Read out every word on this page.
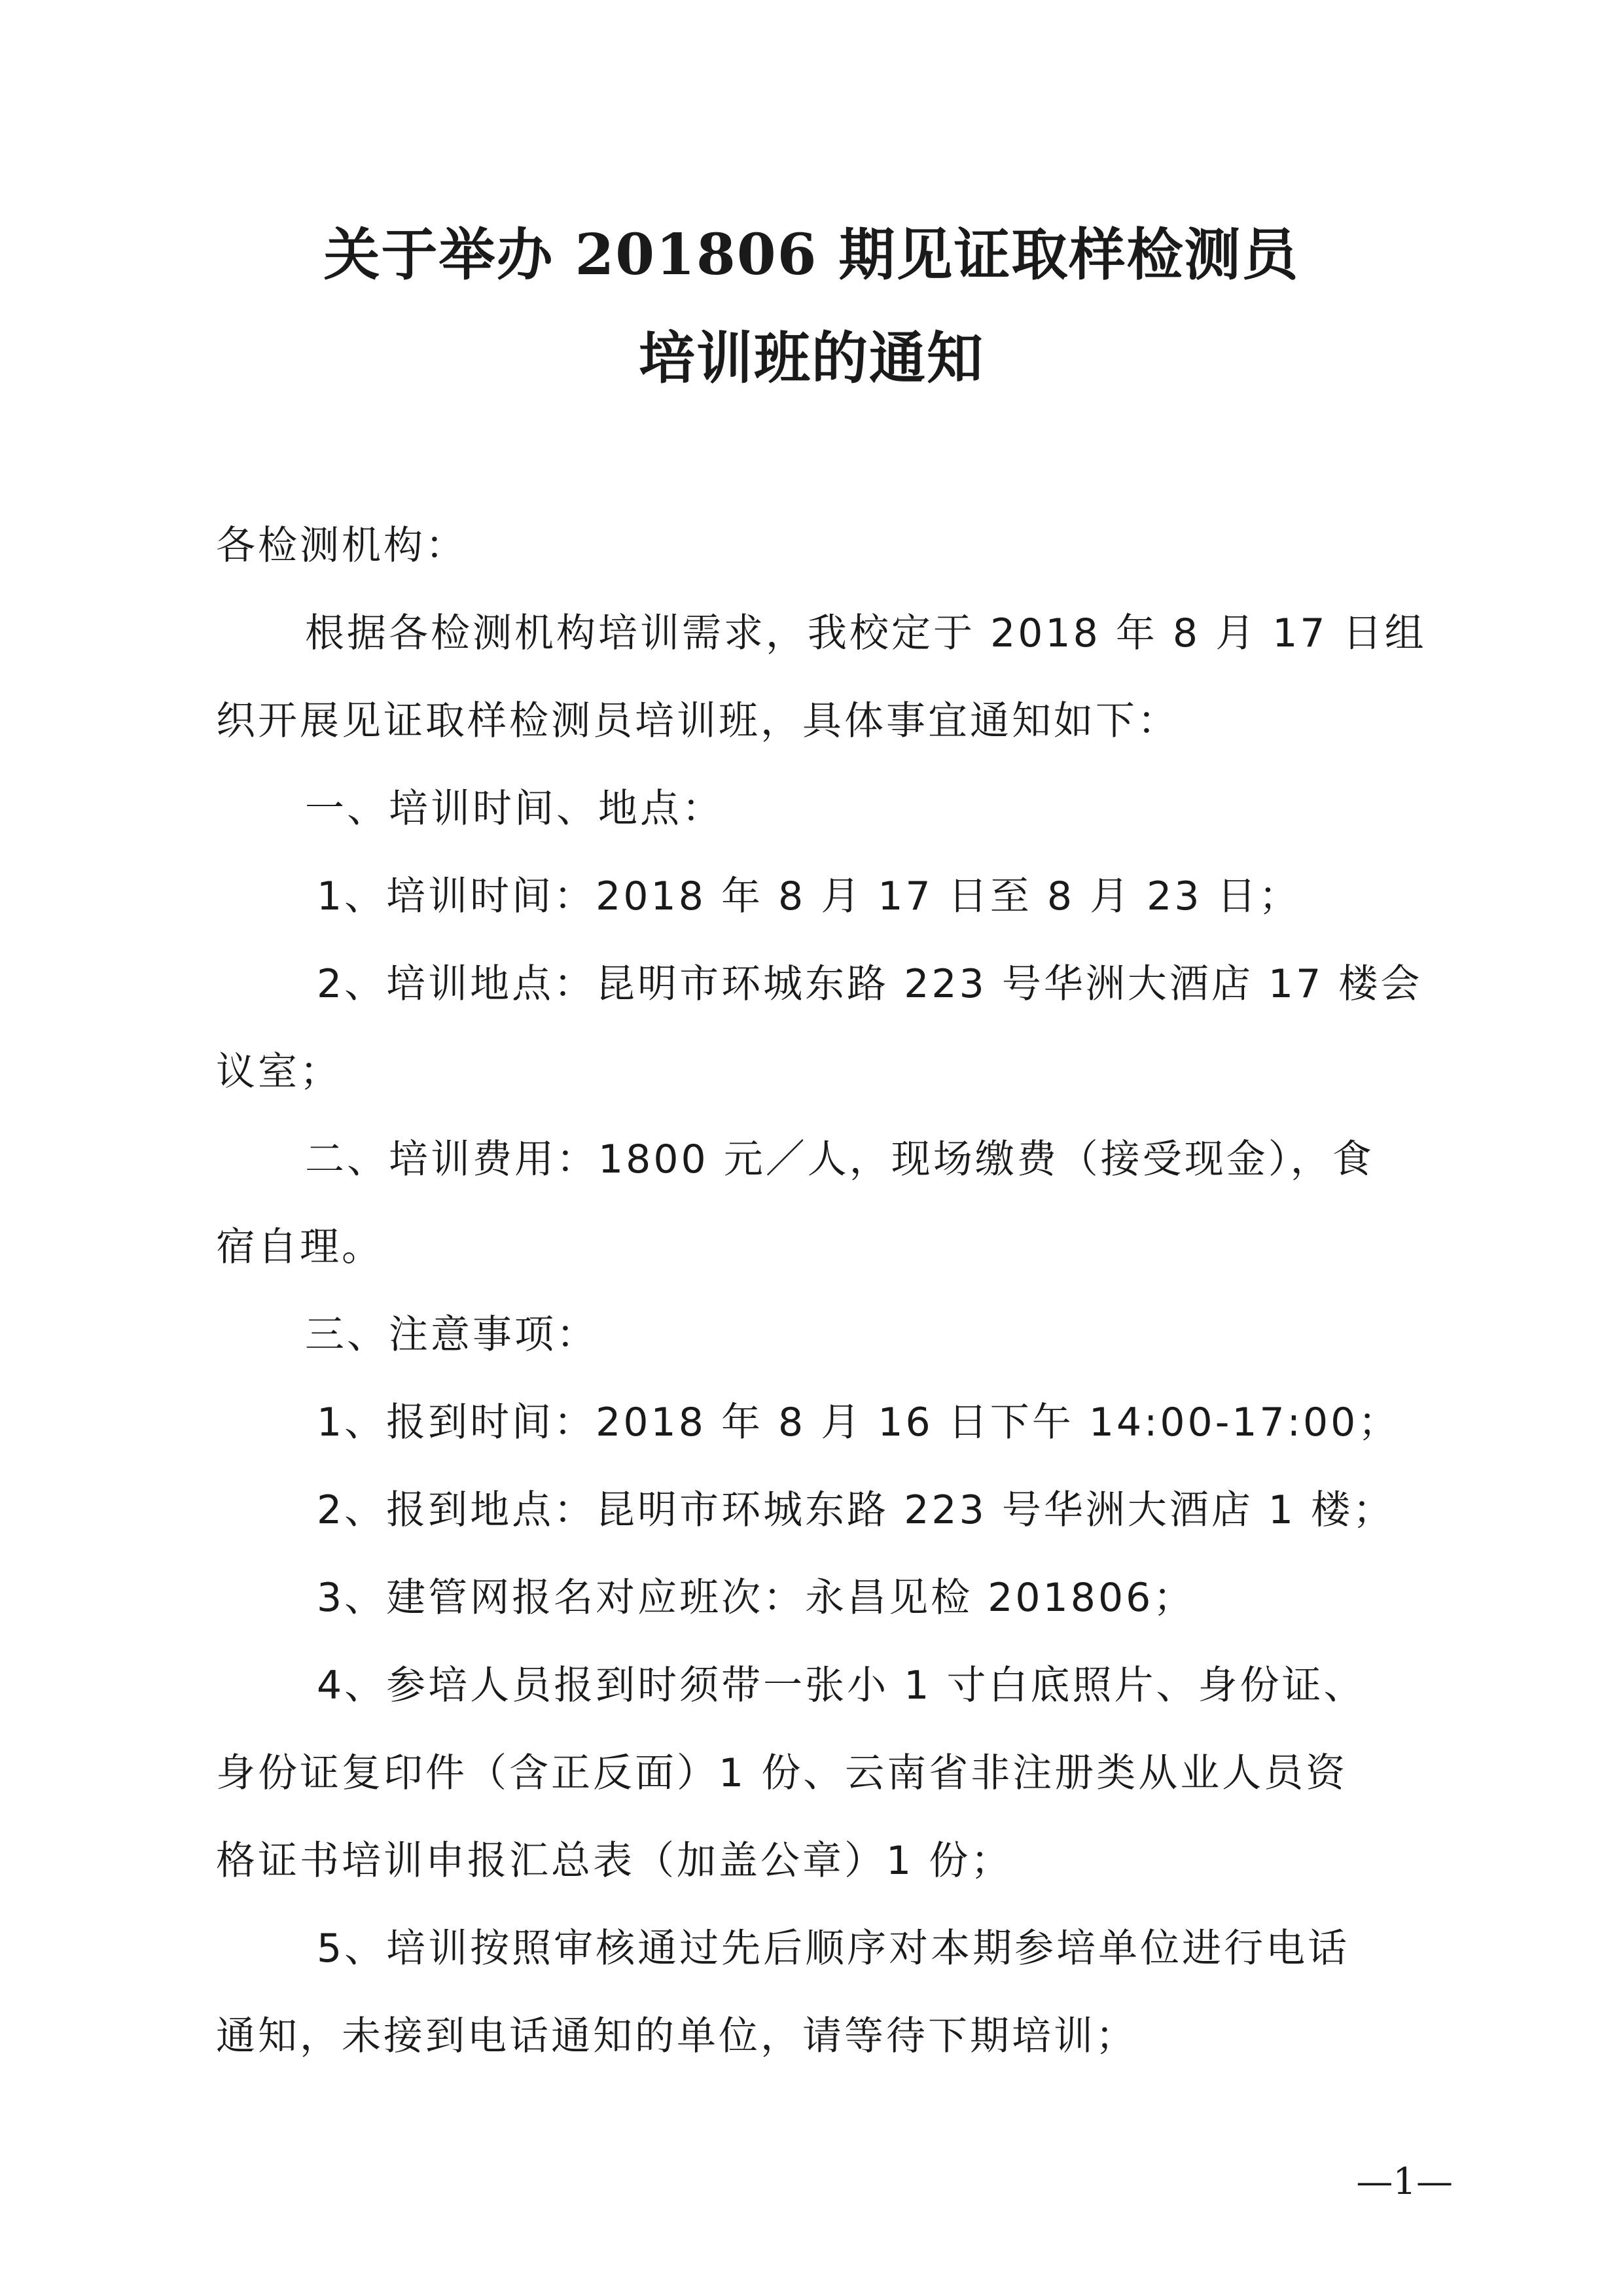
关于举办 201806 期见证取样检测员
培训班的通知
各检测机构：
根据各检测机构培训需求，我校定于 2018 年 8 月 17 日组
织开展见证取样检测员培训班，具体事宜通知如下：
一、培训时间、地点：
1、培训时间：2018 年 8 月 17 日至 8 月 23 日；
2、培训地点：昆明市环城东路 223 号华洲大酒店 17 楼会
议室；
二、培训费用：1800 元／人，现场缴费（接受现金），食
宿自理。
三、注意事项：
1、报到时间：2018 年 8 月 16 日下午 14:00-17:00；
2、报到地点：昆明市环城东路 223 号华洲大酒店 1 楼；
3、建管网报名对应班次：永昌见检 201806；
4、参培人员报到时须带一张小 1 寸白底照片、身份证、
身份证复印件（含正反面）1 份、云南省非注册类从业人员资
格证书培训申报汇总表（加盖公章）1 份；
5、培训按照审核通过先后顺序对本期参培单位进行电话
通知，未接到电话通知的单位，请等待下期培训；
—1—
